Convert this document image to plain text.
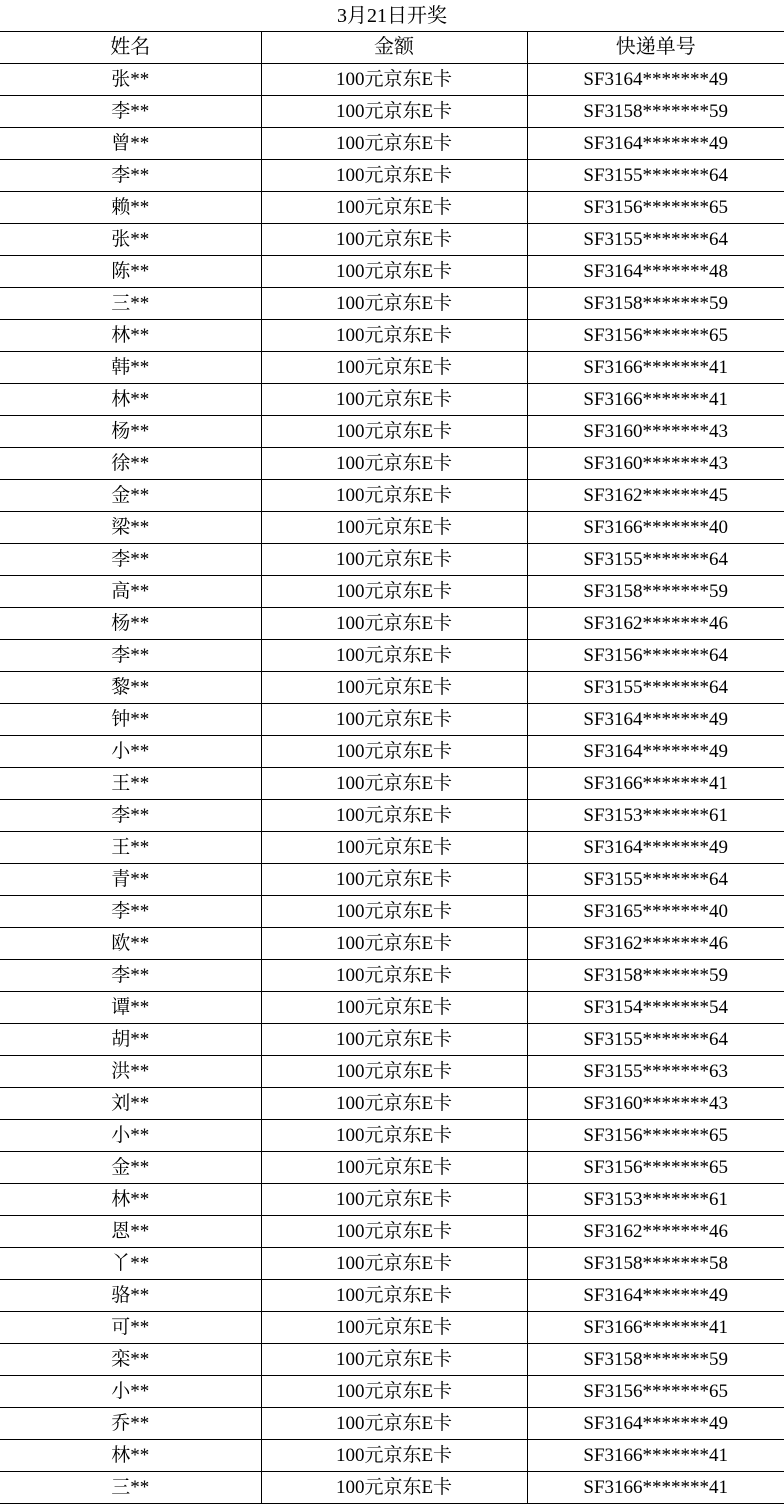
3月21日开奖
姓名	金额	快递单号
张**	100元京东E卡	SF3164*******49
李**	100元京东E卡	SF3158*******59
曾**	100元京东E卡	SF3164*******49
李**	100元京东E卡	SF3155*******64
赖**	100元京东E卡	SF3156*******65
张**	100元京东E卡	SF3155*******64
陈**	100元京东E卡	SF3164*******48
三**	100元京东E卡	SF3158*******59
林**	100元京东E卡	SF3156*******65
韩**	100元京东E卡	SF3166*******41
林**	100元京东E卡	SF3166*******41
杨**	100元京东E卡	SF3160*******43
徐**	100元京东E卡	SF3160*******43
金**	100元京东E卡	SF3162*******45
梁**	100元京东E卡	SF3166*******40
李**	100元京东E卡	SF3155*******64
高**	100元京东E卡	SF3158*******59
杨**	100元京东E卡	SF3162*******46
李**	100元京东E卡	SF3156*******64
黎**	100元京东E卡	SF3155*******64
钟**	100元京东E卡	SF3164*******49
小**	100元京东E卡	SF3164*******49
王**	100元京东E卡	SF3166*******41
李**	100元京东E卡	SF3153*******61
王**	100元京东E卡	SF3164*******49
青**	100元京东E卡	SF3155*******64
李**	100元京东E卡	SF3165*******40
欧**	100元京东E卡	SF3162*******46
李**	100元京东E卡	SF3158*******59
谭**	100元京东E卡	SF3154*******54
胡**	100元京东E卡	SF3155*******64
洪**	100元京东E卡	SF3155*******63
刘**	100元京东E卡	SF3160*******43
小**	100元京东E卡	SF3156*******65
金**	100元京东E卡	SF3156*******65
林**	100元京东E卡	SF3153*******61
恩**	100元京东E卡	SF3162*******46
丫**	100元京东E卡	SF3158*******58
骆**	100元京东E卡	SF3164*******49
可**	100元京东E卡	SF3166*******41
栾**	100元京东E卡	SF3158*******59
小**	100元京东E卡	SF3156*******65
乔**	100元京东E卡	SF3164*******49
林**	100元京东E卡	SF3166*******41
三**	100元京东E卡	SF3166*******41
